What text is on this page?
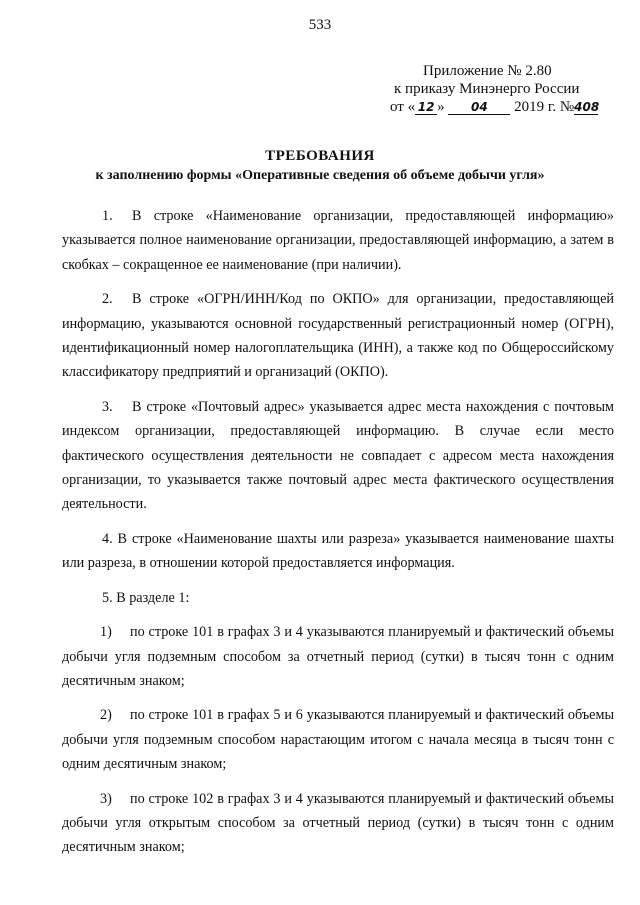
533
Приложение № 2.80
к приказу Минэнерго России
от « 12 » 04 2019 г. №408
ТРЕБОВАНИЯ
к заполнению формы «Оперативные сведения об объеме добычи угля»

1. В строке «Наименование организации, предоставляющей информацию» указывается полное наименование организации, предоставляющей информацию, а затем в скобках – сокращенное ее наименование (при наличии).

2. В строке «ОГРН/ИНН/Код по ОКПО» для организации, предоставляющей информацию, указываются основной государственный регистрационный номер (ОГРН), идентификационный номер налогоплательщика (ИНН), а также код по Общероссийскому классификатору предприятий и организаций (ОКПО).

3. В строке «Почтовый адрес» указывается адрес места нахождения с почтовым индексом организации, предоставляющей информацию. В случае если место фактического осуществления деятельности не совпадает с адресом места нахождения организации, то указывается также почтовый адрес места фактического осуществления деятельности.

4. В строке «Наименование шахты или разреза» указывается наименование шахты или разреза, в отношении которой предоставляется информация.

5. В разделе 1:

1) по строке 101 в графах 3 и 4 указываются планируемый и фактический объемы добычи угля подземным способом за отчетный период (сутки) в тысяч тонн с одним десятичным знаком;

2) по строке 101 в графах 5 и 6 указываются планируемый и фактический объемы добычи угля подземным способом нарастающим итогом с начала месяца в тысяч тонн с одним десятичным знаком;

3) по строке 102 в графах 3 и 4 указываются планируемый и фактический объемы добычи угля открытым способом за отчетный период (сутки) в тысяч тонн с одним десятичным знаком;
